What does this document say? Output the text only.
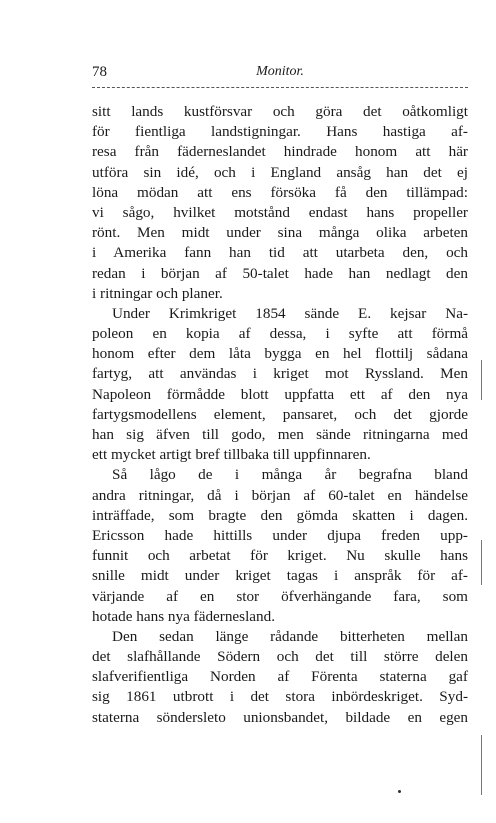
78	Monitor.
sitt lands kustförsvar och göra det oåtkomligt
för fientliga landstigningar. Hans hastiga af-
resa från fäderneslandet hindrade honom att här
utföra sin idé, och i England ansåg han det ej
löna mödan att ens försöka få den tillämpad:
vi sågo, hvilket motstånd endast hans propeller
rönt. Men midt under sina många olika arbeten
i Amerika fann han tid att utarbeta den, och
redan i början af 50-talet hade han nedlagt den
i ritningar och planer.
Under Krimkriget 1854 sände E. kejsar Na-
poleon en kopia af dessa, i syfte att förmå
honom efter dem låta bygga en hel flottilj sådana
fartyg, att användas i kriget mot Ryssland. Men
Napoleon förmådde blott uppfatta ett af den nya
fartygsmodellens element, pansaret, och det gjorde
han sig äfven till godo, men sände ritningarna med
ett mycket artigt bref tillbaka till uppfinnaren.
Så lågo de i många år begrafna bland
andra ritningar, då i början af 60-talet en händelse
inträffade, som bragte den gömda skatten i dagen.
Ericsson hade hittills under djupa freden upp-
funnit och arbetat för kriget. Nu skulle hans
snille midt under kriget tagas i anspråk för af-
värjande af en stor öfverhängande fara, som
hotade hans nya fädernesland.
Den sedan länge rådande bitterheten mellan
det slafhållande Södern och det till större delen
slafverifientliga Norden af Förenta staterna gaf
sig 1861 utbrott i det stora inbördeskriget. Syd-
staterna söndersleto unionsbandet, bildade en egen
